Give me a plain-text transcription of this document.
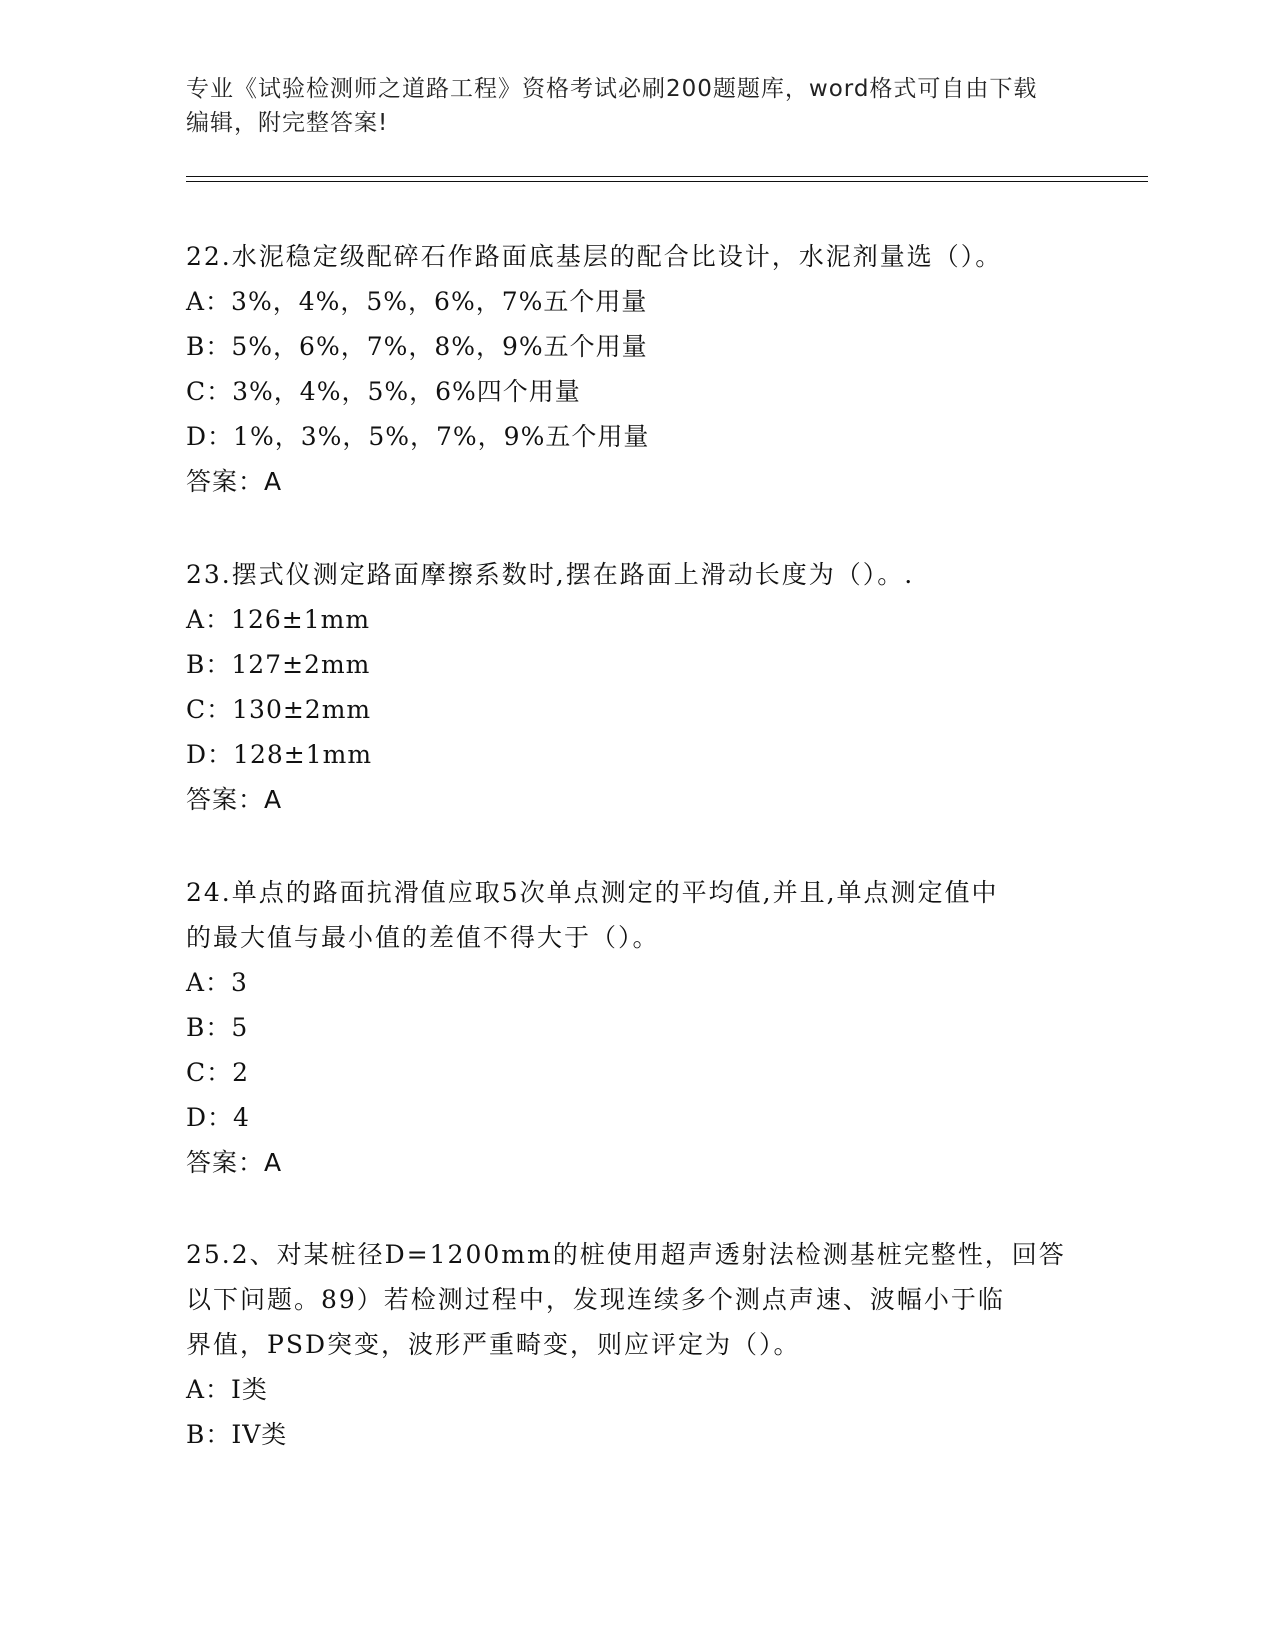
专业《试验检测师之道路工程》资格考试必刷200题题库，word格式可自由下载
编辑，附完整答案!

22.水泥稳定级配碎石作路面底基层的配合比设计，水泥剂量选（）。

A：3%，4%，5%，6%，7%五个用量

B：5%，6%，7%，8%，9%五个用量

C：3%，4%，5%，6%四个用量

D：1%，3%，5%，7%，9%五个用量

答案：A

23.摆式仪测定路面摩擦系数时,摆在路面上滑动长度为（）。.

A：126±1mm

B：127±2mm

C：130±2mm

D：128±1mm

答案：A

24.单点的路面抗滑值应取5次单点测定的平均值,并且,单点测定值中

的最大值与最小值的差值不得大于（）。

A：3

B：5

C：2

D：4

答案：A

25.2、对某桩径D=1200mm的桩使用超声透射法检测基桩完整性，回答

以下问题。89）若检测过程中，发现连续多个测点声速、波幅小于临

界值，PSD突变，波形严重畸变，则应评定为（）。

A：I类

B：IV类
